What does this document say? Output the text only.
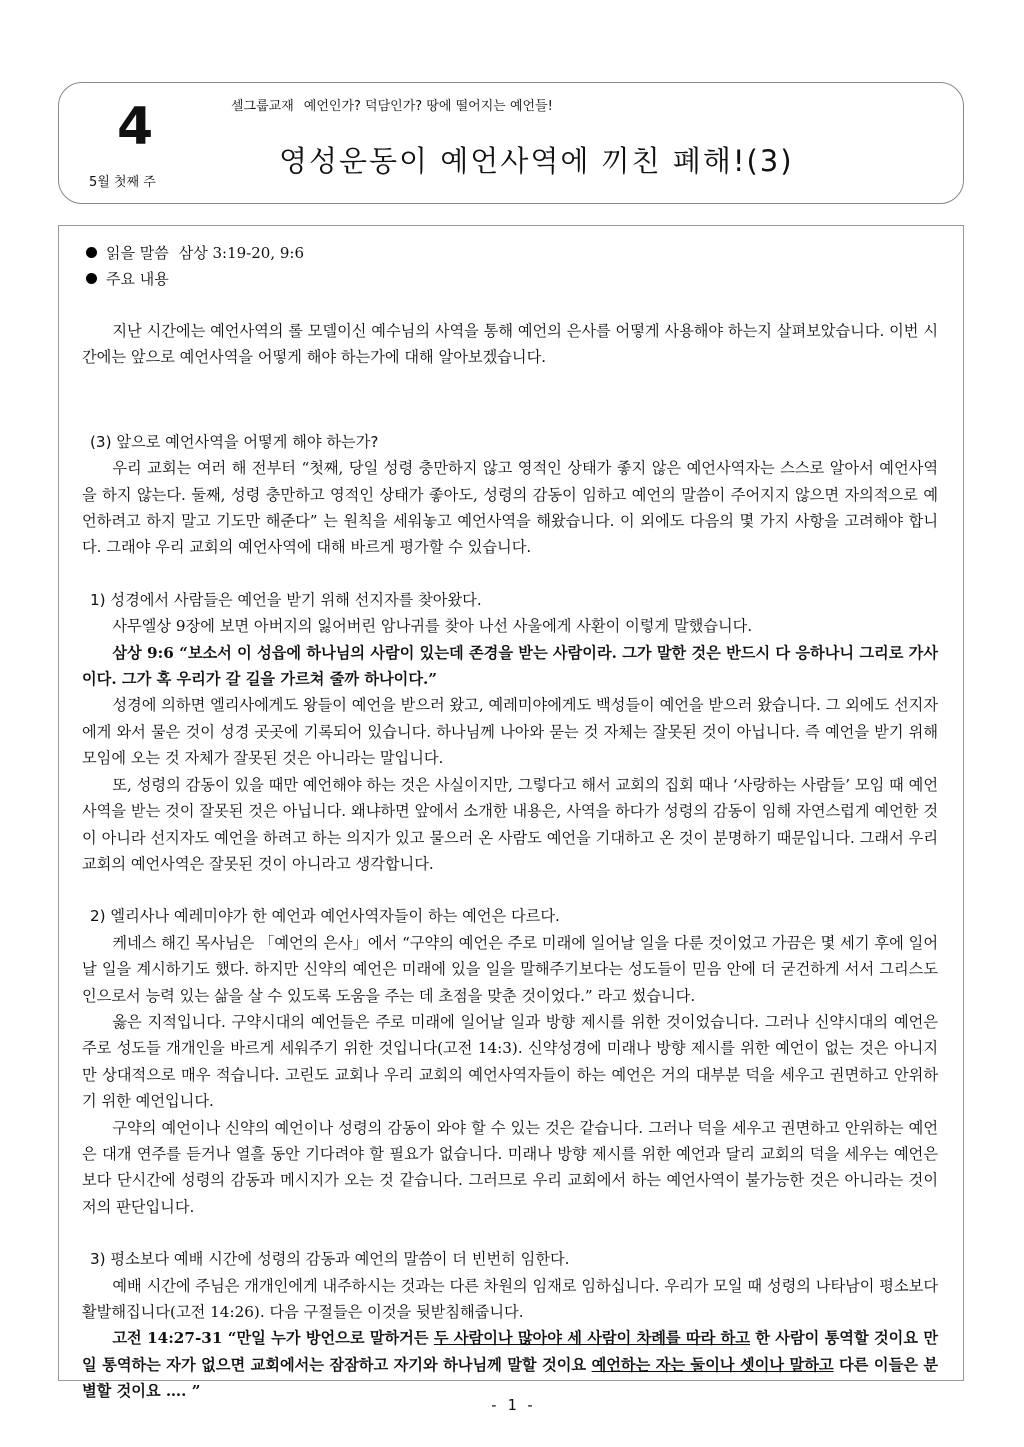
4
5월 첫째 주
셀그룹교재 예언인가? 덕담인가? 땅에 떨어지는 예언들!
영성운동이 예언사역에 끼친 폐해!(3)
읽을 말씀 삼상 3:19-20, 9:6
주요 내용

지난 시간에는 예언사역의 롤 모델이신 예수님의 사역을 통해 예언의 은사를 어떻게 사용해야 하는지 살펴보았습니다. 이번 시간에는 앞으로 예언사역을 어떻게 해야 하는가에 대해 알아보겠습니다.

(3) 앞으로 예언사역을 어떻게 해야 하는가?

우리 교회는 여러 해 전부터 “첫째, 당일 성령 충만하지 않고 영적인 상태가 좋지 않은 예언사역자는 스스로 알아서 예언사역을 하지 않는다. 둘째, 성령 충만하고 영적인 상태가 좋아도, 성령의 감동이 임하고 예언의 말씀이 주어지지 않으면 자의적으로 예언하려고 하지 말고 기도만 해준다” 는 원칙을 세워놓고 예언사역을 해왔습니다. 이 외에도 다음의 몇 가지 사항을 고려해야 합니다. 그래야 우리 교회의 예언사역에 대해 바르게 평가할 수 있습니다.

1) 성경에서 사람들은 예언을 받기 위해 선지자를 찾아왔다.

사무엘상 9장에 보면 아버지의 잃어버린 암나귀를 찾아 나선 사울에게 사환이 이렇게 말했습니다.

삼상 9:6 “보소서 이 성읍에 하나님의 사람이 있는데 존경을 받는 사람이라. 그가 말한 것은 반드시 다 응하나니 그리로 가사이다. 그가 혹 우리가 갈 길을 가르쳐 줄까 하나이다.”

성경에 의하면 엘리사에게도 왕들이 예언을 받으러 왔고, 예레미야에게도 백성들이 예언을 받으러 왔습니다. 그 외에도 선지자에게 와서 물은 것이 성경 곳곳에 기록되어 있습니다. 하나님께 나아와 묻는 것 자체는 잘못된 것이 아닙니다. 즉 예언을 받기 위해 모임에 오는 것 자체가 잘못된 것은 아니라는 말입니다.

또, 성령의 감동이 있을 때만 예언해야 하는 것은 사실이지만, 그렇다고 해서 교회의 집회 때나 ‘사랑하는 사람들’ 모임 때 예언사역을 받는 것이 잘못된 것은 아닙니다. 왜냐하면 앞에서 소개한 내용은, 사역을 하다가 성령의 감동이 임해 자연스럽게 예언한 것이 아니라 선지자도 예언을 하려고 하는 의지가 있고 물으러 온 사람도 예언을 기대하고 온 것이 분명하기 때문입니다. 그래서 우리 교회의 예언사역은 잘못된 것이 아니라고 생각합니다.

2) 엘리사나 예레미야가 한 예언과 예언사역자들이 하는 예언은 다르다.

케네스 해긴 목사님은 「예언의 은사」에서 “구약의 예언은 주로 미래에 일어날 일을 다룬 것이었고 가끔은 몇 세기 후에 일어날 일을 계시하기도 했다. 하지만 신약의 예언은 미래에 있을 일을 말해주기보다는 성도들이 믿음 안에 더 굳건하게 서서 그리스도인으로서 능력 있는 삶을 살 수 있도록 도움을 주는 데 초점을 맞춘 것이었다.” 라고 썼습니다.

옳은 지적입니다. 구약시대의 예언들은 주로 미래에 일어날 일과 방향 제시를 위한 것이었습니다. 그러나 신약시대의 예언은 주로 성도들 개개인을 바르게 세워주기 위한 것입니다(고전 14:3). 신약성경에 미래나 방향 제시를 위한 예언이 없는 것은 아니지만 상대적으로 매우 적습니다. 고린도 교회나 우리 교회의 예언사역자들이 하는 예언은 거의 대부분 덕을 세우고 권면하고 안위하기 위한 예언입니다.

구약의 예언이나 신약의 예언이나 성령의 감동이 와야 할 수 있는 것은 같습니다. 그러나 덕을 세우고 권면하고 안위하는 예언은 대개 연주를 듣거나 열흘 동안 기다려야 할 필요가 없습니다. 미래나 방향 제시를 위한 예언과 달리 교회의 덕을 세우는 예언은 보다 단시간에 성령의 감동과 메시지가 오는 것 같습니다. 그러므로 우리 교회에서 하는 예언사역이 불가능한 것은 아니라는 것이 저의 판단입니다.

3) 평소보다 예배 시간에 성령의 감동과 예언의 말씀이 더 빈번히 임한다.

예배 시간에 주님은 개개인에게 내주하시는 것과는 다른 차원의 임재로 임하십니다. 우리가 모일 때 성령의 나타남이 평소보다 활발해집니다(고전 14:26). 다음 구절들은 이것을 뒷받침해줍니다.

고전 14:27-31 “만일 누가 방언으로 말하거든 두 사람이나 많아야 세 사람이 차례를 따라 하고 한 사람이 통역할 것이요 만일 통역하는 자가 없으면 교회에서는 잠잠하고 자기와 하나님께 말할 것이요 예언하는 자는 둘이나 셋이나 말하고 다른 이들은 분별할 것이요 …. ”

- 1 -
